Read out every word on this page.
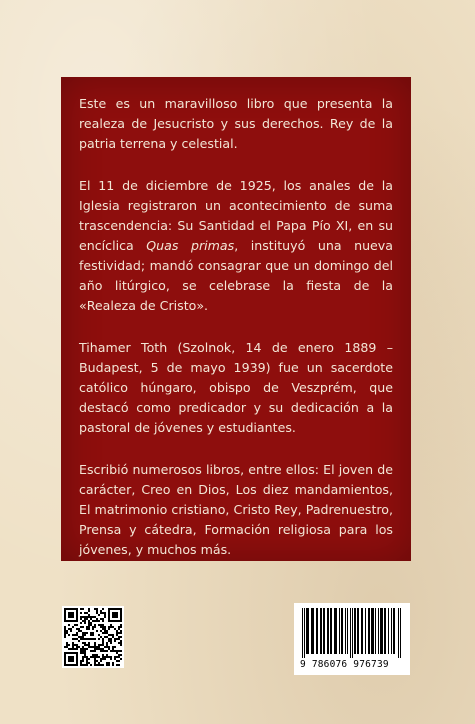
Este es un maravilloso libro que presenta la realeza de Jesucristo y sus derechos. Rey de la patria terrena y celestial.

El 11 de diciembre de 1925, los anales de la Iglesia registraron un acontecimiento de suma trascendencia: Su Santidad el Papa Pío XI, en su encíclica Quas primas, instituyó una nueva festividad; mandó consagrar que un domingo del año litúrgico, se celebrase la fiesta de la «Realeza de Cristo».

Tihamer Toth (Szolnok, 14 de enero 1889 – Budapest, 5 de mayo 1939) fue un sacerdote católico húngaro, obispo de Veszprém, que destacó como predicador y su dedicación a la pastoral de jóvenes y estudiantes.

Escribió numerosos libros, entre ellos: El joven de carácter, Creo en Dios, Los diez mandamientos, El matrimonio cristiano, Cristo Rey, Padrenuestro, Prensa y cátedra, Formación religiosa para los jóvenes, y muchos más.

9 786076 976739
